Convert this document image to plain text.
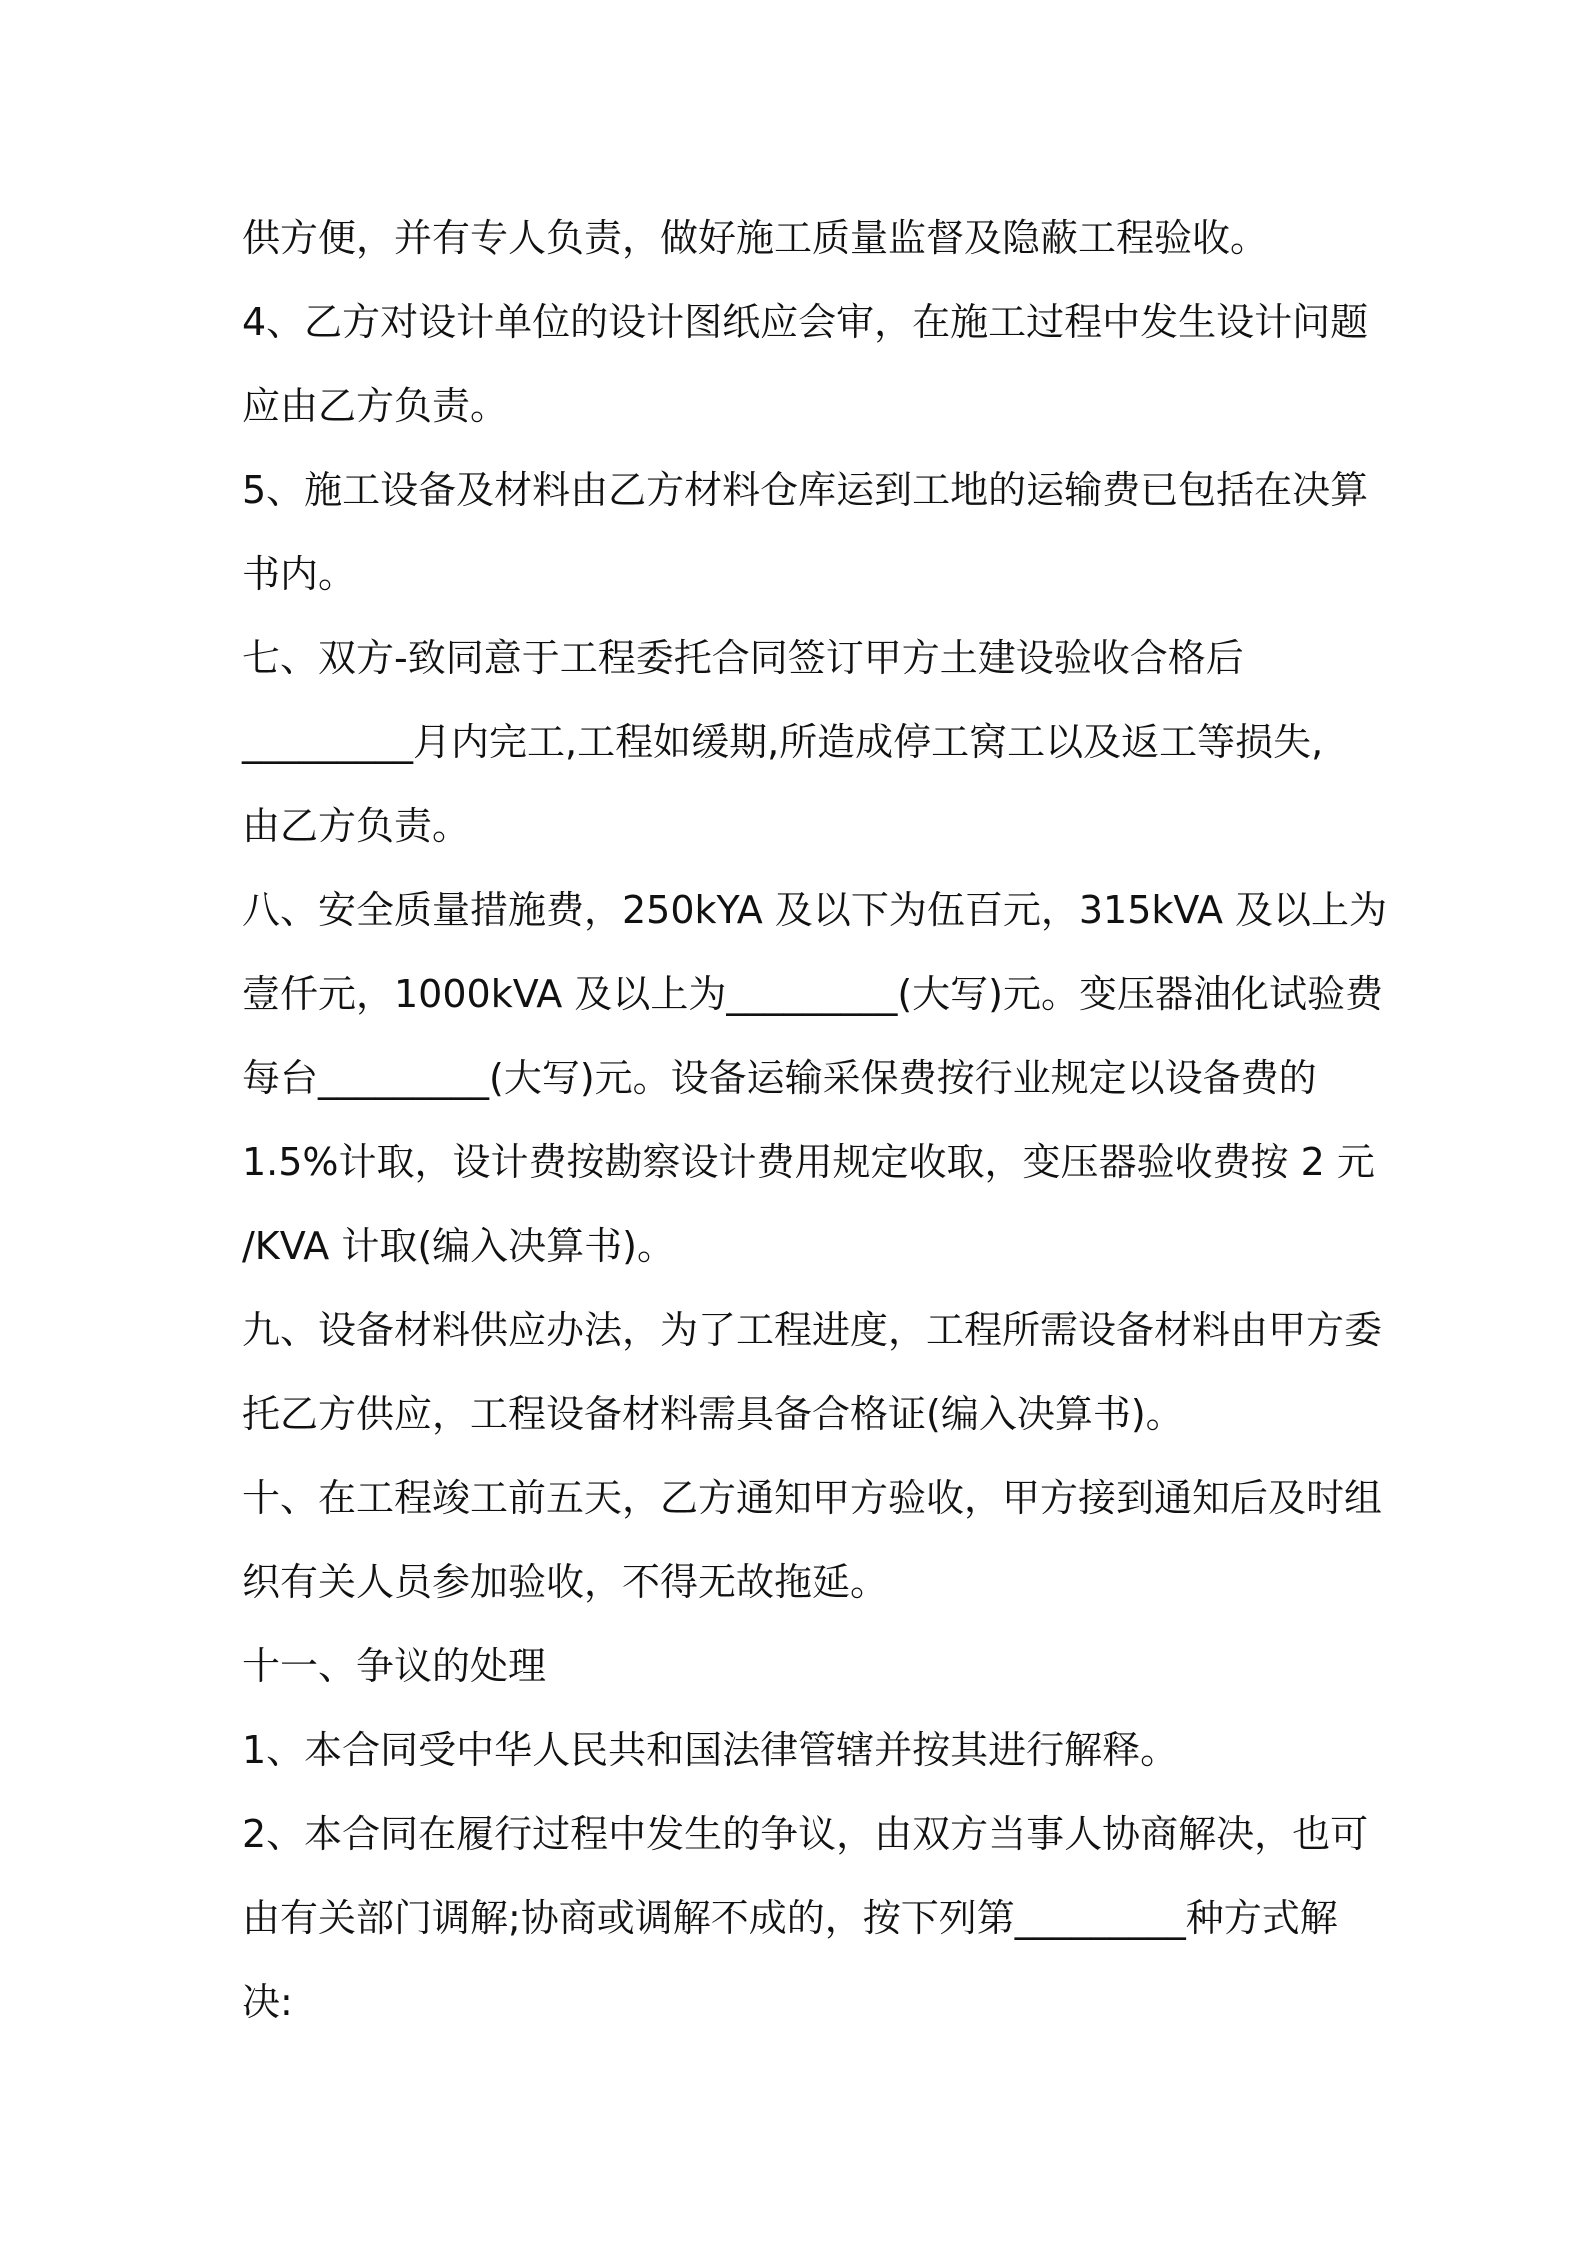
供方便，并有专人负责，做好施工质量监督及隐蔽工程验收。
4、乙方对设计单位的设计图纸应会审，在施工过程中发生设计问题
应由乙方负责。
5、施工设备及材料由乙方材料仓库运到工地的运输费已包括在决算
书内。
七、双方-致同意于工程委托合同签订甲方土建设验收合格后
_________月内完工,工程如缓期,所造成停工窝工以及返工等损失,
由乙方负责。
八、安全质量措施费，250kYA 及以下为伍百元，315kVA 及以上为
壹仟元，1000kVA 及以上为_________(大写)元。变压器油化试验费
每台_________(大写)元。设备运输采保费按行业规定以设备费的
1.5%计取，设计费按勘察设计费用规定收取，变压器验收费按 2 元
/KVA 计取(编入决算书)。
九、设备材料供应办法，为了工程进度，工程所需设备材料由甲方委
托乙方供应，工程设备材料需具备合格证(编入决算书)。
十、在工程竣工前五天，乙方通知甲方验收，甲方接到通知后及时组
织有关人员参加验收，不得无故拖延。
十一、争议的处理
1、本合同受中华人民共和国法律管辖并按其进行解释。
2、本合同在履行过程中发生的争议，由双方当事人协商解决，也可
由有关部门调解;协商或调解不成的，按下列第_________种方式解
决:
